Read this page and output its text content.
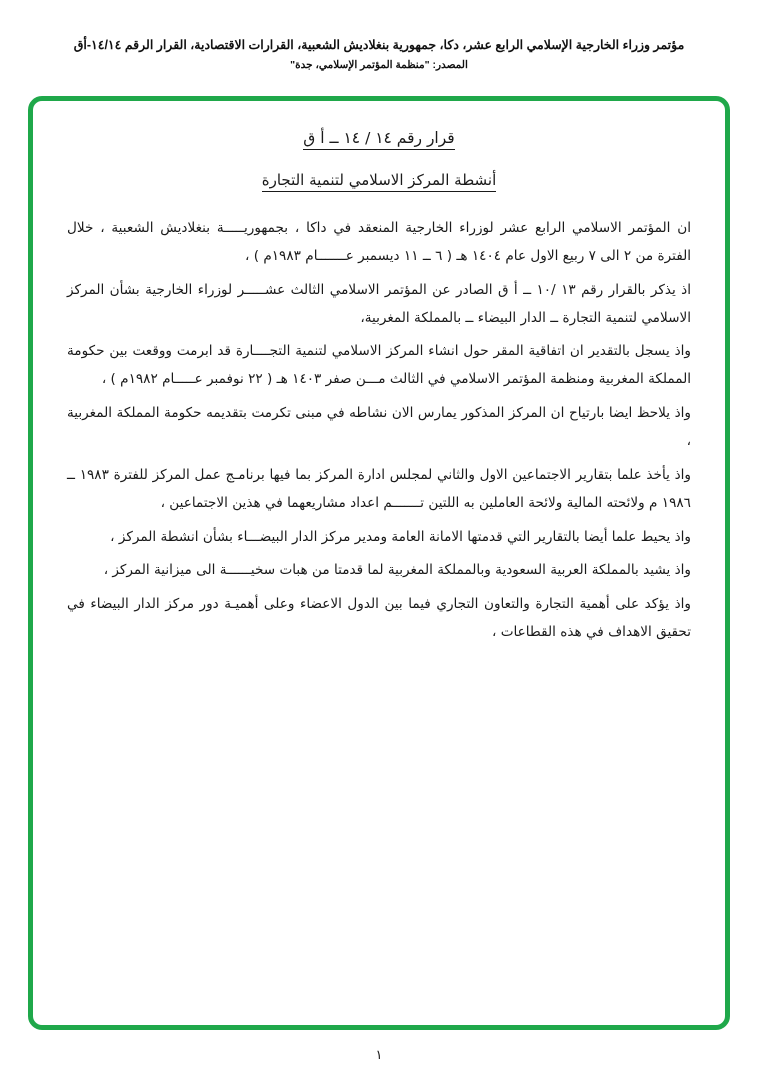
مؤتمر وزراء الخارجية الإسلامي الرابع عشر، دكا، جمهورية بنغلاديش الشعبية، القرارات الاقتصادية، القرار الرقم ١٤/١٤-أق
المصدر: "منظمة المؤتمر الإسلامي، جدة"
قرار رقم ١٤ / ١٤ ــ أ ق
أنشطة المركز الاسلامي لتنمية التجارة

ان المؤتمر الاسلامي الرابع عشر لوزراء الخارجية المنعقد في داكا ، بجمهوريـــــة بنغلاديش الشعبية ، خلال الفترة من ٢ الى ٧ ربيع الاول عام ١٤٠٤ هـ ( ٦ ــ ١١ ديسمبر عـــــــام ١٩٨٣م ) ،

اذ يذكر بالقرار رقم ١٣ /١٠ ــ أ ق الصادر عن المؤتمر الاسلامي الثالث عشـــــر لوزراء الخارجية بشأن المركز الاسلامي لتنمية التجارة ــ الدار البيضاء ــ بالمملكة المغربية،

واذ يسجل بالتقدير ان اتفاقية المقر حول انشاء المركز الاسلامي لتنمية التجــــارة قد ابرمت ووقعت بين حكومة المملكة المغربية ومنظمة المؤتمر الاسلامي في الثالث مـــن صفر ١٤٠٣ هـ ( ٢٢ نوفمبر عـــــام ١٩٨٢م ) ،

واذ يلاحظ ايضا بارتياح ان المركز المذكور يمارس الان نشاطه في مبنى تكرمت بتقديمه حكومة المملكة المغربية ،

واذ يأخذ علما بتقارير الاجتماعين الاول والثاني لمجلس ادارة المركز بما فيها برنامـج عمل المركز للفترة ١٩٨٣ ــ ١٩٨٦ م ولائحته المالية ولائحة العاملين به اللتين تـــــــم اعداد مشاريعهما في هذين الاجتماعين ،

واذ يحيط علما أيضا بالتقارير التي قدمتها الامانة العامة ومدير مركز الدار البيضـــاء بشأن انشطة المركز ،

واذ يشيد بالمملكة العربية السعودية وبالمملكة المغربية لما قدمتا من هبات سخيــــــة الى ميزانية المركز ،

واذ يؤكد على أهمية التجارة والتعاون التجاري فيما بين الدول الاعضاء وعلى أهميـة دور مركز الدار البيضاء في تحقيق الاهداف في هذه القطاعات ،

١
